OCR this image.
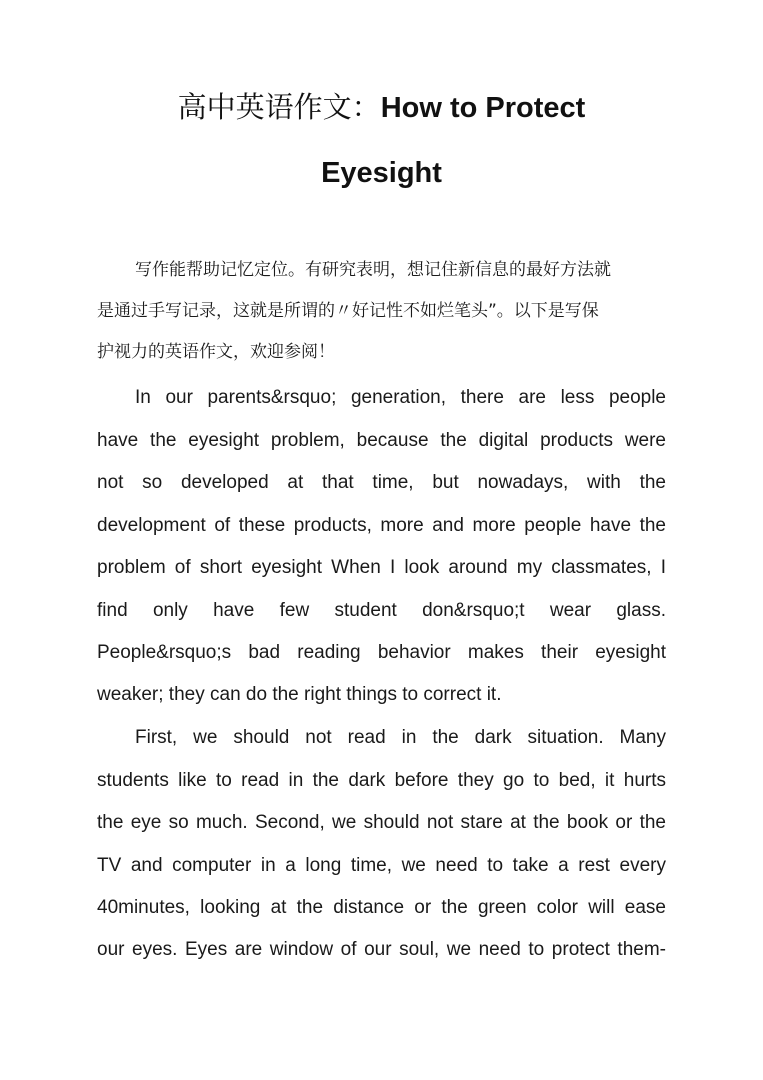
高中英语作文：How to Protect
Eyesight
写作能帮助记忆定位。有研究表明，想记住新信息的最好方法就
是通过手写记录，这就是所谓的〃好记性不如烂笔头”。以下是写保
护视力的英语作文，欢迎参阅！
In our parents&rsquo; generation, there are less people
have the eyesight problem, because the digital products were
not so developed at that time, but nowadays, with the
development of these products, more and more people have the
problem of short eyesight When I look around my classmates, I
find only have few student don&rsquo;t wear glass.
People&rsquo;s bad reading behavior makes their eyesight
weaker; they can do the right things to correct it.
First, we should not read in the dark situation. Many
students like to read in the dark before they go to bed, it hurts
the eye so much. Second, we should not stare at the book or the
TV and computer in a long time, we need to take a rest every
40minutes, looking at the distance or the green color will ease
our eyes. Eyes are window of our soul, we need to protect them-
